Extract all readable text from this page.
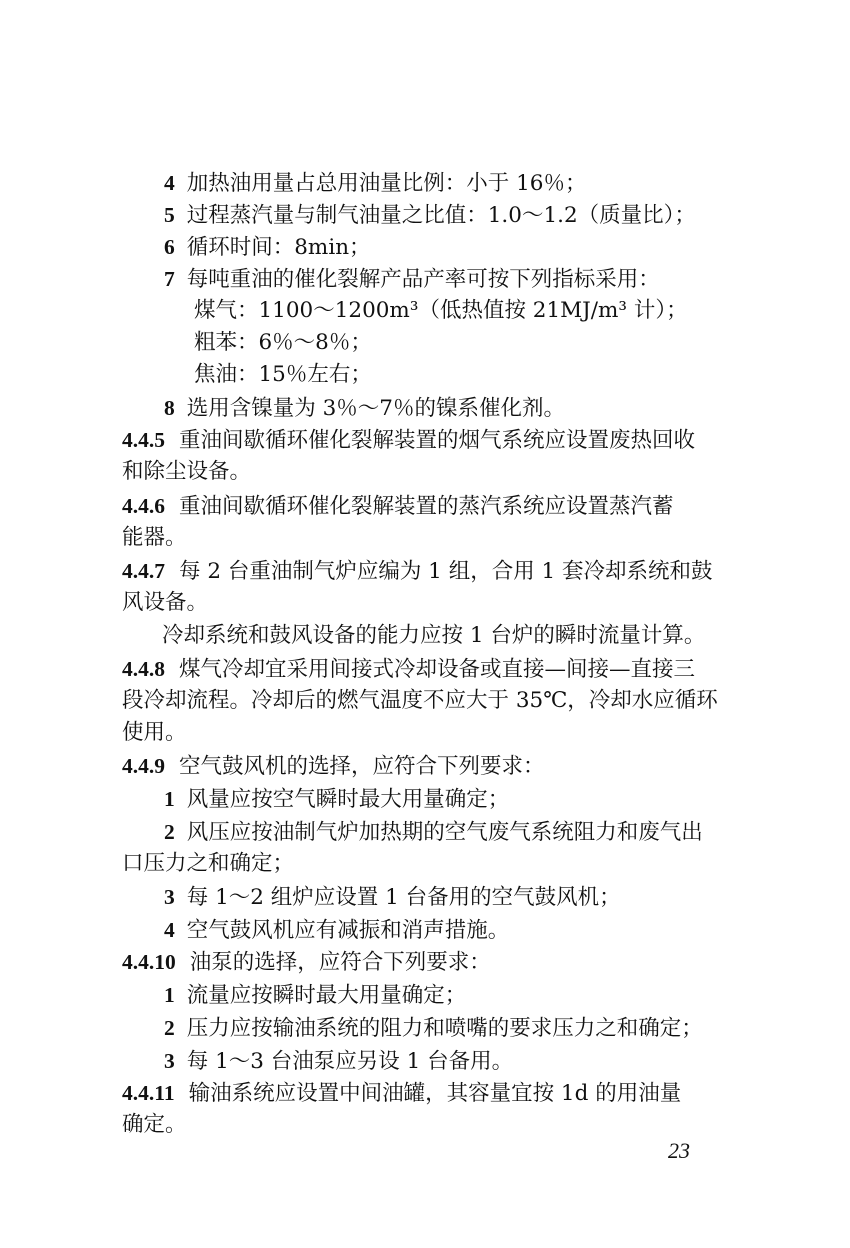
4 加热油用量占总用油量比例：小于 16％；
5 过程蒸汽量与制气油量之比值：1.0～1.2（质量比）；
6 循环时间：8min；
7 每吨重油的催化裂解产品产率可按下列指标采用：
煤气：1100～1200m³（低热值按 21MJ/m³ 计）；
粗苯：6％～8％；
焦油：15％左右；
8 选用含镍量为 3％～7％的镍系催化剂。
4.4.5 重油间歇循环催化裂解装置的烟气系统应设置废热回收
和除尘设备。
4.4.6 重油间歇循环催化裂解装置的蒸汽系统应设置蒸汽蓄
能器。
4.4.7 每 2 台重油制气炉应编为 1 组，合用 1 套冷却系统和鼓
风设备。
冷却系统和鼓风设备的能力应按 1 台炉的瞬时流量计算。
4.4.8 煤气冷却宜采用间接式冷却设备或直接—间接—直接三
段冷却流程。冷却后的燃气温度不应大于 35℃，冷却水应循环
使用。
4.4.9 空气鼓风机的选择，应符合下列要求：
1 风量应按空气瞬时最大用量确定；
2 风压应按油制气炉加热期的空气废气系统阻力和废气出
口压力之和确定；
3 每 1～2 组炉应设置 1 台备用的空气鼓风机；
4 空气鼓风机应有减振和消声措施。
4.4.10 油泵的选择，应符合下列要求：
1 流量应按瞬时最大用量确定；
2 压力应按输油系统的阻力和喷嘴的要求压力之和确定；
3 每 1～3 台油泵应另设 1 台备用。
4.4.11 输油系统应设置中间油罐，其容量宜按 1d 的用油量
确定。
23
